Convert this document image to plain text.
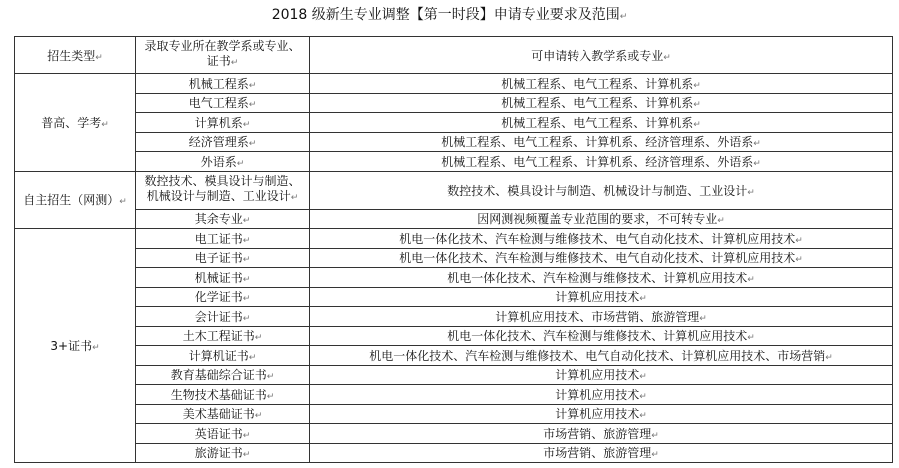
2018 级新生专业调整【第一时段】申请专业要求及范围↵
招生类型↵	录取专业所在教学系或专业、证书↵	可申请转入教学系或专业↵
普高、学考↵	机械工程系↵	机械工程系、电气工程系、计算机系↵
	电气工程系↵	机械工程系、电气工程系、计算机系↵
	计算机系↵	机械工程系、电气工程系、计算机系↵
	经济管理系↵	机械工程系、电气工程系、计算机系、经济管理系、外语系↵
	外语系↵	机械工程系、电气工程系、计算机系、经济管理系、外语系↵
自主招生（网测）↵	数控技术、模具设计与制造、机械设计与制造、工业设计↵	数控技术、模具设计与制造、机械设计与制造、工业设计↵
	其余专业↵	因网测视频覆盖专业范围的要求，不可转专业↵
3+证书↵	电工证书↵	机电一体化技术、汽车检测与维修技术、电气自动化技术、计算机应用技术↵
	电子证书↵	机电一体化技术、汽车检测与维修技术、电气自动化技术、计算机应用技术↵
	机械证书↵	机电一体化技术、汽车检测与维修技术、计算机应用技术↵
	化学证书↵	计算机应用技术↵
	会计证书↵	计算机应用技术、市场营销、旅游管理↵
	土木工程证书↵	机电一体化技术、汽车检测与维修技术、计算机应用技术↵
	计算机证书↵	机电一体化技术、汽车检测与维修技术、电气自动化技术、计算机应用技术、市场营销↵
	教育基础综合证书↵	计算机应用技术↵
	生物技术基础证书↵	计算机应用技术↵
	美术基础证书↵	计算机应用技术↵
	英语证书↵	市场营销、旅游管理↵
	旅游证书↵	市场营销、旅游管理↵
